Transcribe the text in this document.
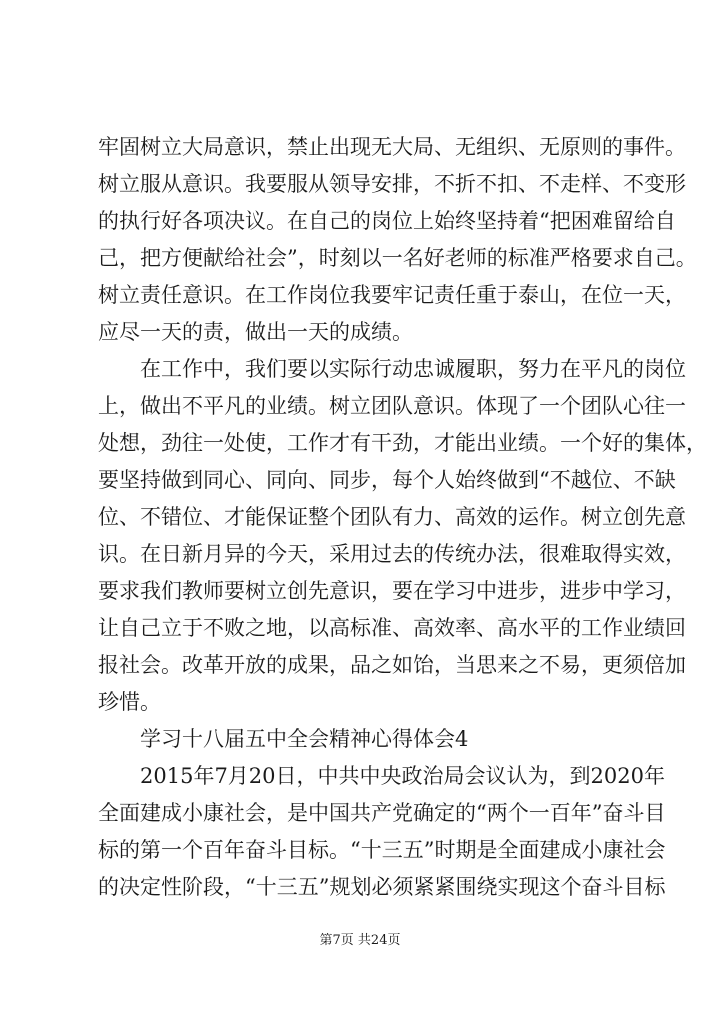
牢固树立大局意识，禁止出现无大局、无组织、无原则的事件。
树立服从意识。我要服从领导安排，不折不扣、不走样、不变形
的执行好各项决议。在自己的岗位上始终坚持着“把困难留给自
己，把方便献给社会”，时刻以一名好老师的标准严格要求自己。
树立责任意识。在工作岗位我要牢记责任重于泰山，在位一天，
应尽一天的责，做出一天的成绩。
在工作中，我们要以实际行动忠诚履职，努力在平凡的岗位
上，做出不平凡的业绩。树立团队意识。体现了一个团队心往一
处想，劲往一处使，工作才有干劲，才能出业绩。一个好的集体，
要坚持做到同心、同向、同步，每个人始终做到“不越位、不缺
位、不错位、才能保证整个团队有力、高效的运作。树立创先意
识。在日新月异的今天，采用过去的传统办法，很难取得实效，
要求我们教师要树立创先意识，要在学习中进步，进步中学习，
让自己立于不败之地，以高标准、高效率、高水平的工作业绩回
报社会。改革开放的成果，品之如饴，当思来之不易，更须倍加
珍惜。
学习十八届五中全会精神心得体会4
2015年7月20日，中共中央政治局会议认为，到2020年
全面建成小康社会，是中国共产党确定的“两个一百年”奋斗目
标的第一个百年奋斗目标。“十三五”时期是全面建成小康社会
的决定性阶段，“十三五”规划必须紧紧围绕实现这个奋斗目标
第7页 共24页
